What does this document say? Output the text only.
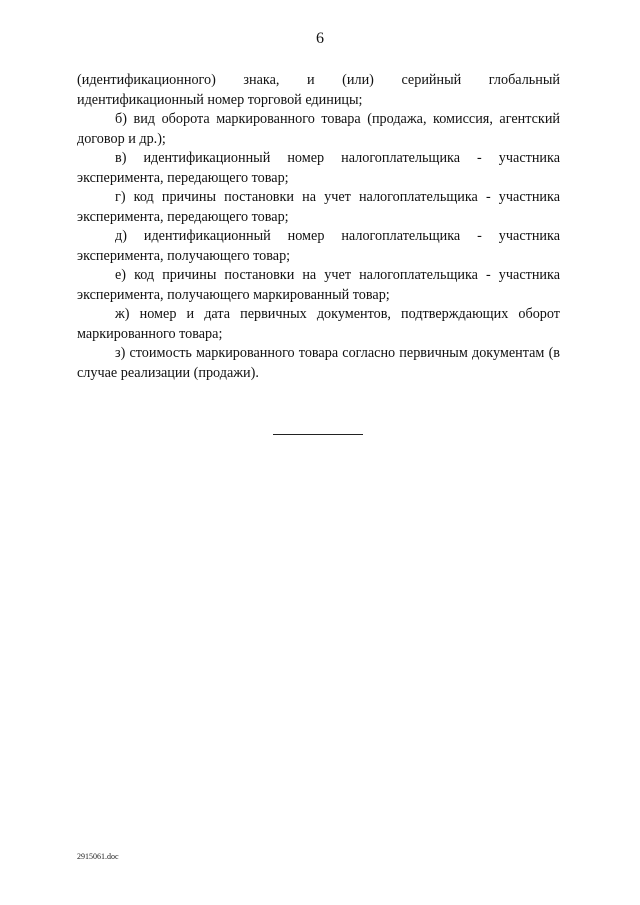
6

(идентификационного) знака, и (или) серийный глобальный идентификационный номер торговой единицы;

б) вид оборота маркированного товара (продажа, комиссия, агентский договор и др.);

в) идентификационный номер налогоплательщика - участника эксперимента, передающего товар;

г) код причины постановки на учет налогоплательщика - участника эксперимента, передающего товар;

д) идентификационный номер налогоплательщика - участника эксперимента, получающего товар;

е) код причины постановки на учет налогоплательщика - участника эксперимента, получающего маркированный товар;

ж) номер и дата первичных документов, подтверждающих оборот маркированного товара;

з) стоимость маркированного товара согласно первичным документам (в случае реализации (продажи).

2915061.doc
